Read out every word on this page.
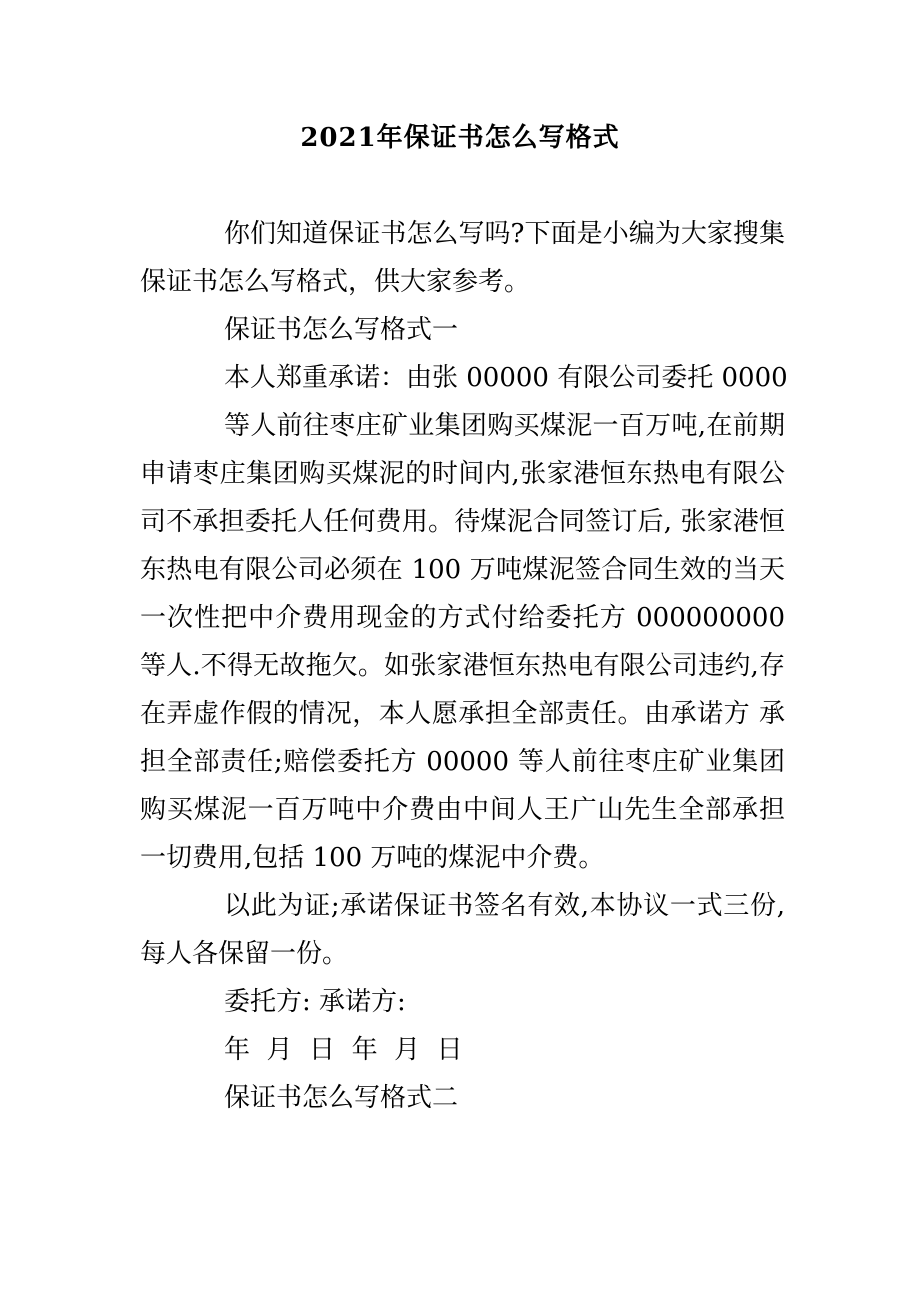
2021年保证书怎么写格式

你们知道保证书怎么写吗?下面是小编为大家搜集保证书怎么写格式，供大家参考。

保证书怎么写格式一

本人郑重承诺：由张 00000 有限公司委托 0000

等人前往枣庄矿业集团购买煤泥一百万吨,在前期申请枣庄集团购买煤泥的时间内,张家港恒东热电有限公司不承担委托人任何费用。待煤泥合同签订后, 张家港恒东热电有限公司必须在 100 万吨煤泥签合同生效的当天一次性把中介费用现金的方式付给委托方 000000000 等人.不得无故拖欠。如张家港恒东热电有限公司违约,存在弄虚作假的情况，本人愿承担全部责任。由承诺方 承担全部责任;赔偿委托方 00000 等人前往枣庄矿业集团购买煤泥一百万吨中介费由中间人王广山先生全部承担一切费用,包括 100 万吨的煤泥中介费。

以此为证;承诺保证书签名有效,本协议一式三份,每人各保留一份。

委托方: 承诺方:

年  月  日  年  月  日

保证书怎么写格式二
